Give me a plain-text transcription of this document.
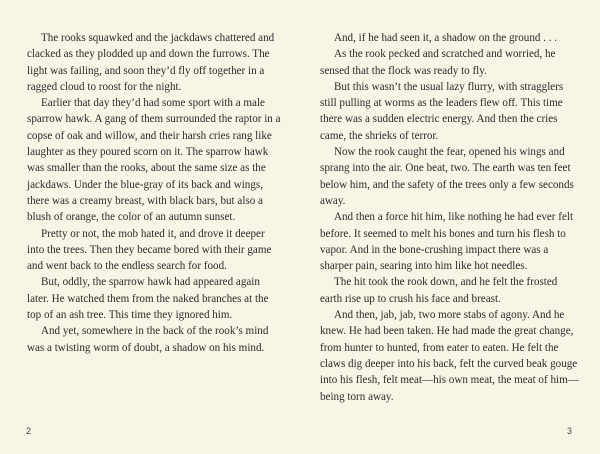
The rooks squawked and the jackdaws chattered and clacked as they plodded up and down the furrows. The light was failing, and soon they’d fly off together in a ragged cloud to roost for the night.

Earlier that day they’d had some sport with a male sparrow hawk. A gang of them surrounded the raptor in a copse of oak and willow, and their harsh cries rang like laughter as they poured scorn on it. The sparrow hawk was smaller than the rooks, about the same size as the jackdaws. Under the blue-gray of its back and wings, there was a creamy breast, with black bars, but also a blush of orange, the color of an autumn sunset.

Pretty or not, the mob hated it, and drove it deeper into the trees. Then they became bored with their game and went back to the endless search for food.

But, oddly, the sparrow hawk had appeared again later. He watched them from the naked branches at the top of an ash tree. This time they ignored him.

And yet, somewhere in the back of the rook’s mind was a twisting worm of doubt, a shadow on his mind.

And, if he had seen it, a shadow on the ground . . .

As the rook pecked and scratched and worried, he sensed that the flock was ready to fly.

But this wasn’t the usual lazy flurry, with stragglers still pulling at worms as the leaders flew off. This time there was a sudden electric energy. And then the cries came, the shrieks of terror.

Now the rook caught the fear, opened his wings and sprang into the air. One beat, two. The earth was ten feet below him, and the safety of the trees only a few seconds away.

And then a force hit him, like nothing he had ever felt before. It seemed to melt his bones and turn his flesh to vapor. And in the bone-crushing impact there was a sharper pain, searing into him like hot needles.

The hit took the rook down, and he felt the frosted earth rise up to crush his face and breast.

And then, jab, jab, two more stabs of agony. And he knew. He had been taken. He had made the great change, from hunter to hunted, from eater to eaten. He felt the claws dig deeper into his back, felt the curved beak gouge into his flesh, felt meat—his own meat, the meat of him—being torn away.

2	3
